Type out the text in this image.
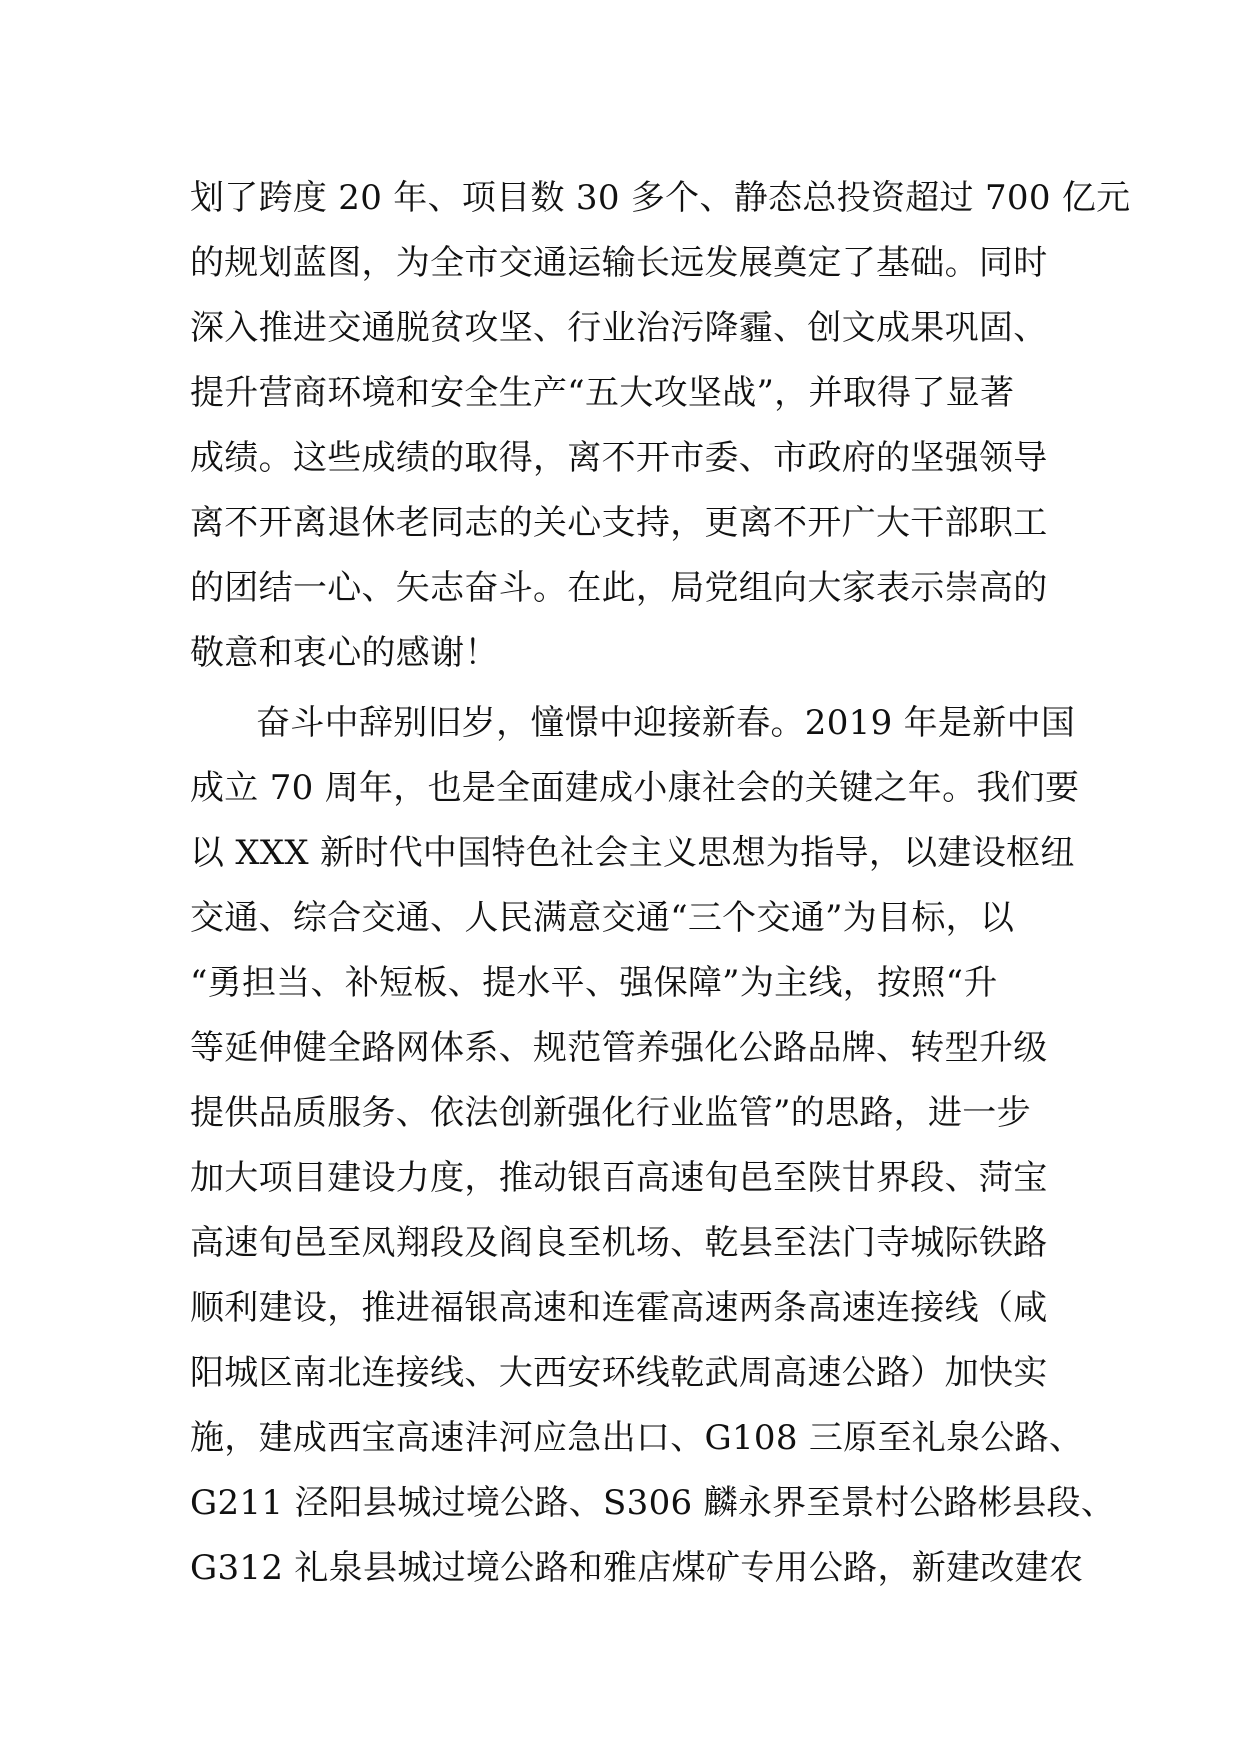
划了跨度 20 年、项目数 30 多个、静态总投资超过 700 亿元
的规划蓝图，为全市交通运输长远发展奠定了基础。同时
深入推进交通脱贫攻坚、行业治污降霾、创文成果巩固、
提升营商环境和安全生产“五大攻坚战”，并取得了显著
成绩。这些成绩的取得，离不开市委、市政府的坚强领导
离不开离退休老同志的关心支持，更离不开广大干部职工
的团结一心、矢志奋斗。在此，局党组向大家表示崇高的
敬意和衷心的感谢！
奋斗中辞别旧岁，憧憬中迎接新春。2019 年是新中国
成立 70 周年，也是全面建成小康社会的关键之年。我们要
以 XXX 新时代中国特色社会主义思想为指导，以建设枢纽
交通、综合交通、人民满意交通“三个交通”为目标，以
“勇担当、补短板、提水平、强保障”为主线，按照“升
等延伸健全路网体系、规范管养强化公路品牌、转型升级
提供品质服务、依法创新强化行业监管”的思路，进一步
加大项目建设力度，推动银百高速旬邑至陕甘界段、菏宝
高速旬邑至凤翔段及阎良至机场、乾县至法门寺城际铁路
顺利建设，推进福银高速和连霍高速两条高速连接线（咸
阳城区南北连接线、大西安环线乾武周高速公路）加快实
施，建成西宝高速沣河应急出口、G108 三原至礼泉公路、
G211 泾阳县城过境公路、S306 麟永界至景村公路彬县段、
G312 礼泉县城过境公路和雅店煤矿专用公路，新建改建农
